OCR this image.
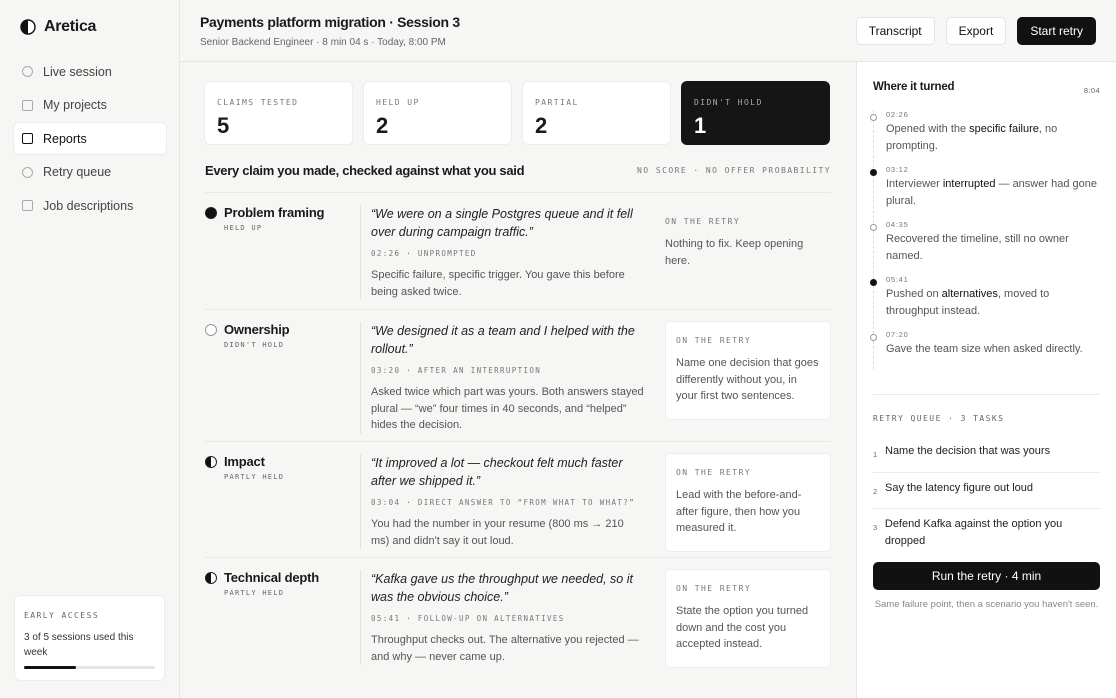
Aretica
Live session
My projects
Reports
Retry queue
Job descriptions
EARLY ACCESS
3 of 5 sessions used this week
Payments platform migration · Session 3
Senior Backend Engineer · 8 min 04 s · Today, 8:00 PM
Transcript	Export	Start retry
CLAIMS TESTED
5
HELD UP
2
PARTIAL
2
DIDN'T HOLD
1
Every claim you made, checked against what you said	NO SCORE · NO OFFER PROBABILITY
Problem framing
HELD UP
“We were on a single Postgres queue and it fell over during campaign traffic.”
02:26 · UNPROMPTED
Specific failure, specific trigger. You gave this before being asked twice.
ON THE RETRY
Nothing to fix. Keep opening here.
Ownership
DIDN'T HOLD
“We designed it as a team and I helped with the rollout.”
03:20 · AFTER AN INTERRUPTION
Asked twice which part was yours. Both answers stayed plural — “we” four times in 40 seconds, and “helped” hides the decision.
ON THE RETRY
Name one decision that goes differently without you, in your first two sentences.
Impact
PARTLY HELD
“It improved a lot — checkout felt much faster after we shipped it.”
03:04 · DIRECT ANSWER TO “FROM WHAT TO WHAT?”
You had the number in your resume (800 ms → 210 ms) and didn't say it out loud.
ON THE RETRY
Lead with the before-and-after figure, then how you measured it.
Technical depth
PARTLY HELD
“Kafka gave us the throughput we needed, so it was the obvious choice.”
05:41 · FOLLOW-UP ON ALTERNATIVES
Throughput checks out. The alternative you rejected — and why — never came up.
ON THE RETRY
State the option you turned down and the cost you accepted instead.
Where it turned	8:04
02:26
Opened with the specific failure, no prompting.
03:12
Interviewer interrupted — answer had gone plural.
04:35
Recovered the timeline, still no owner named.
05:41
Pushed on alternatives, moved to throughput instead.
07:20
Gave the team size when asked directly.
RETRY QUEUE · 3 TASKS
1 Name the decision that was yours
2 Say the latency figure out loud
3 Defend Kafka against the option you dropped
Run the retry · 4 min
Same failure point, then a scenario you haven't seen.
